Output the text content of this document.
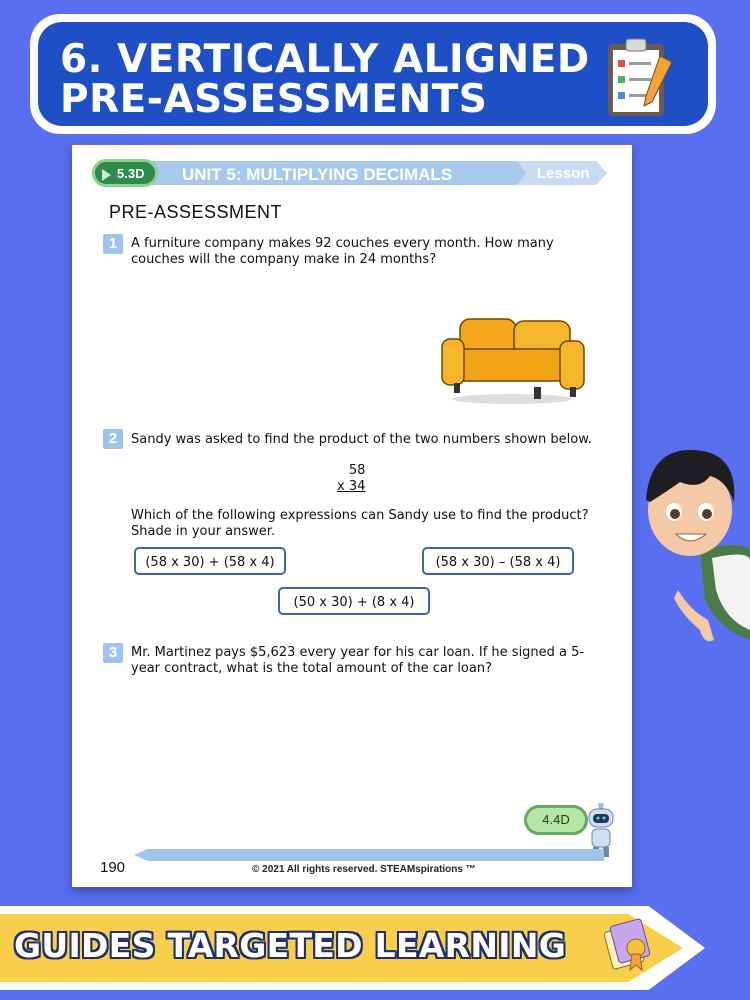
6. VERTICALLY ALIGNED
PRE-ASSESSMENTS
UNIT 5: MULTIPLYING DECIMALS	Lesson 1
5.3D
PRE-ASSESSMENT
1	A furniture company makes 92 couches every month. How many
couches will the company make in 24 months?
2	Sandy was asked to find the product of the two numbers shown below.
58
x 34
Which of the following expressions can Sandy use to find the product?
Shade in your answer.
(58 x 30) + (58 x 4)	(58 x 30) – (58 x 4)
(50 x 30) + (8 x 4)
3	Mr. Martinez pays $5,623 every year for his car loan. If he signed a 5-
year contract, what is the total amount of the car loan?
4.4D
190	© 2021 All rights reserved. STEAMspirations ™
GUIDES TARGETED LEARNING
